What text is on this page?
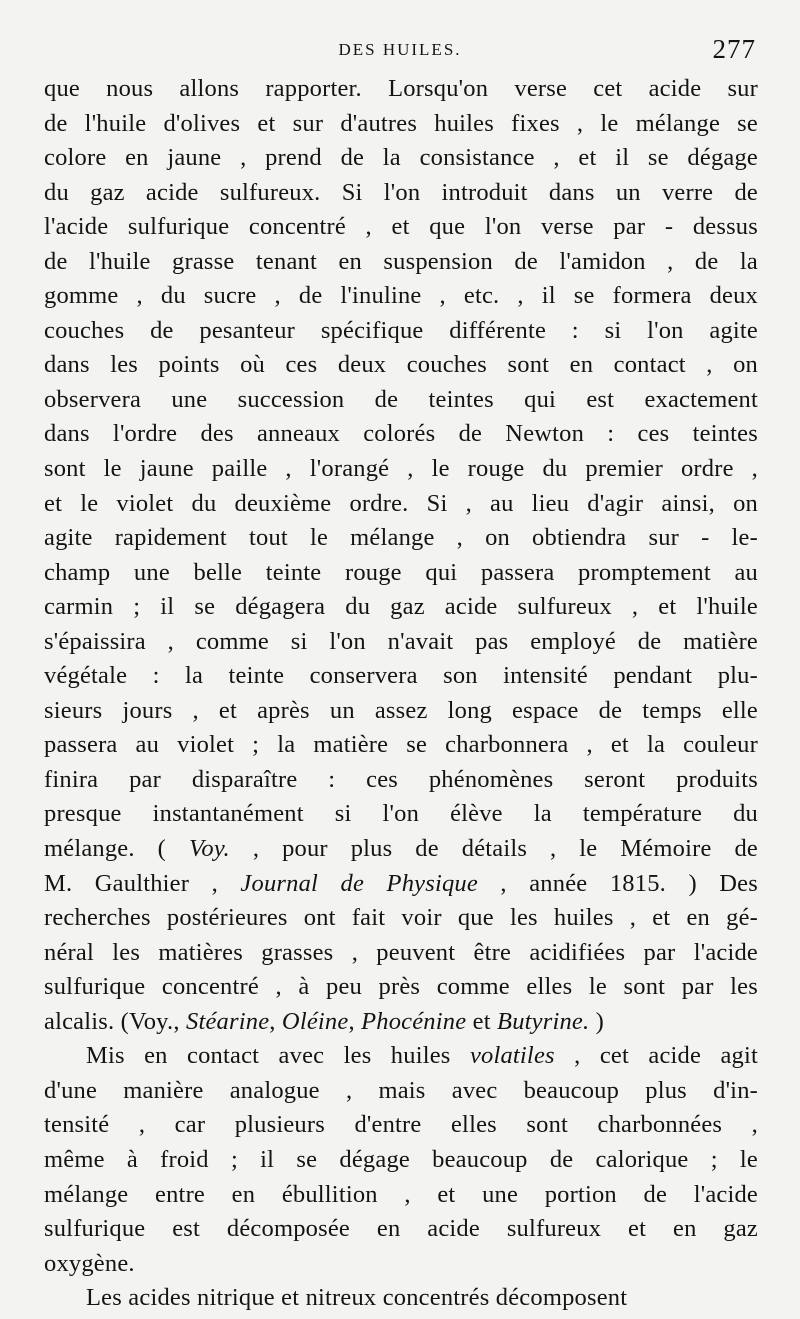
DES HUILES.	277
que nous allons rapporter. Lorsqu'on verse cet acide sur
de l'huile d'olives et sur d'autres huiles fixes , le mélange se
colore en jaune , prend de la consistance , et il se dégage
du gaz acide sulfureux. Si l'on introduit dans un verre de
l'acide sulfurique concentré , et que l'on verse par - dessus
de l'huile grasse tenant en suspension de l'amidon , de la
gomme , du sucre , de l'inuline , etc. , il se formera deux
couches de pesanteur spécifique différente : si l'on agite
dans les points où ces deux couches sont en contact , on
observera une succession de teintes qui est exactement
dans l'ordre des anneaux colorés de Newton : ces teintes
sont le jaune paille , l'orangé , le rouge du premier ordre ,
et le violet du deuxième ordre. Si , au lieu d'agir ainsi, on
agite rapidement tout le mélange , on obtiendra sur - le-
champ une belle teinte rouge qui passera promptement au
carmin ; il se dégagera du gaz acide sulfureux , et l'huile
s'épaissira , comme si l'on n'avait pas employé de matière
végétale : la teinte conservera son intensité pendant plu-
sieurs jours , et après un assez long espace de temps elle
passera au violet ; la matière se charbonnera , et la couleur
finira par disparaître : ces phénomènes seront produits
presque instantanément si l'on élève la température du
mélange. ( Voy. , pour plus de détails , le Mémoire de
M. Gaulthier , Journal de Physique , année 1815. ) Des
recherches postérieures ont fait voir que les huiles , et en gé-
néral les matières grasses , peuvent être acidifiées par l'acide
sulfurique concentré , à peu près comme elles le sont par les
alcalis. (Voy., Stéarine, Oléine, Phocénine et Butyrine. )
Mis en contact avec les huiles volatiles , cet acide agit
d'une manière analogue , mais avec beaucoup plus d'in-
tensité , car plusieurs d'entre elles sont charbonnées ,
même à froid ; il se dégage beaucoup de calorique ; le
mélange entre en ébullition , et une portion de l'acide
sulfurique est décomposée en acide sulfureux et en gaz
oxygène.
Les acides nitrique et nitreux concentrés décomposent
